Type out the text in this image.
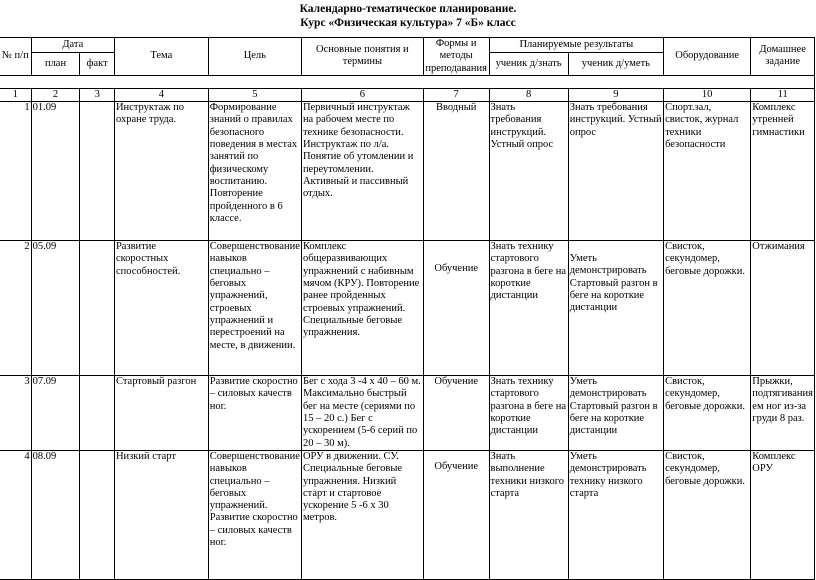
Календарно-тематическое планирование.
Курс «Физическая культура» 7 «Б» класс
№ п/п	Дата		Тема	Цель	Основные понятия и термины	Формы и методы преподавания	Планируемые результаты		Оборудование	Домашнее задание
	план	факт					ученик д/знать	ученик д/уметь		

1	2	3	4	5	6	7	8	9	10	11
1	01.09		Инструктаж по охране труда.	Формирование знаний о правилах безопасного поведения в местах занятий по физическому воспитанию. Повторение пройденного в 6 классе.	Первичный инструктаж на рабочем месте по технике безопасности. Инструктаж по л/а. Понятие об утомлении и переутомлении. Активный и пассивный отдых.	Вводный	Знать требования инструкций. Устный опрос	Знать требования инструкций. Устный опрос	Спорт.зал, свисток, журнал техники безопасности	Комплекс утренней гимнастики
2	05.09		Развитие скоростных способностей.	Совершенствование навыков специально – беговых упражнений, строевых упражнений и перестроений на месте, в движении.	Комплекс общеразвивающих упражнений с набивным мячом (КРУ). Повторение ранее пройденных строевых упражнений. Специальные беговые упражнения.	Обучение	Знать технику стартового разгона в беге на короткие дистанции	Уметь демонстрировать Стартовый разгон в беге на короткие дистанции	Свисток, секундомер, беговые дорожки.	Отжимания
3	07.09		Стартовый разгон	Развитие скоростно – силовых качеств ног.	Бег с хода 3 -4 х 40 – 60 м. Максимально быстрый бег на месте (сериями по 15 – 20 с.) Бег с ускорением (5-6 серий по 20 – 30 м).	Обучение	Знать технику стартового разгона в беге на короткие дистанции	Уметь демонстрировать Стартовый разгон в беге на короткие дистанции	Свисток, секундомер, беговые дорожки.	Прыжки, подтягивания ем ног из-за груди 8 раз.
4	08.09		Низкий старт	Совершенствование навыков специально – беговых упражнений. Развитие скоростно – силовых качеств ног.	ОРУ в движении. СУ. Специальные беговые упражнения. Низкий старт и стартовое ускорение 5 -6 х 30 метров.	Обучение	Знать выполнение техники низкого старта	Уметь демонстрировать технику низкого старта	Свисток, секундомер, беговые дорожки.	Комплекс ОРУ
